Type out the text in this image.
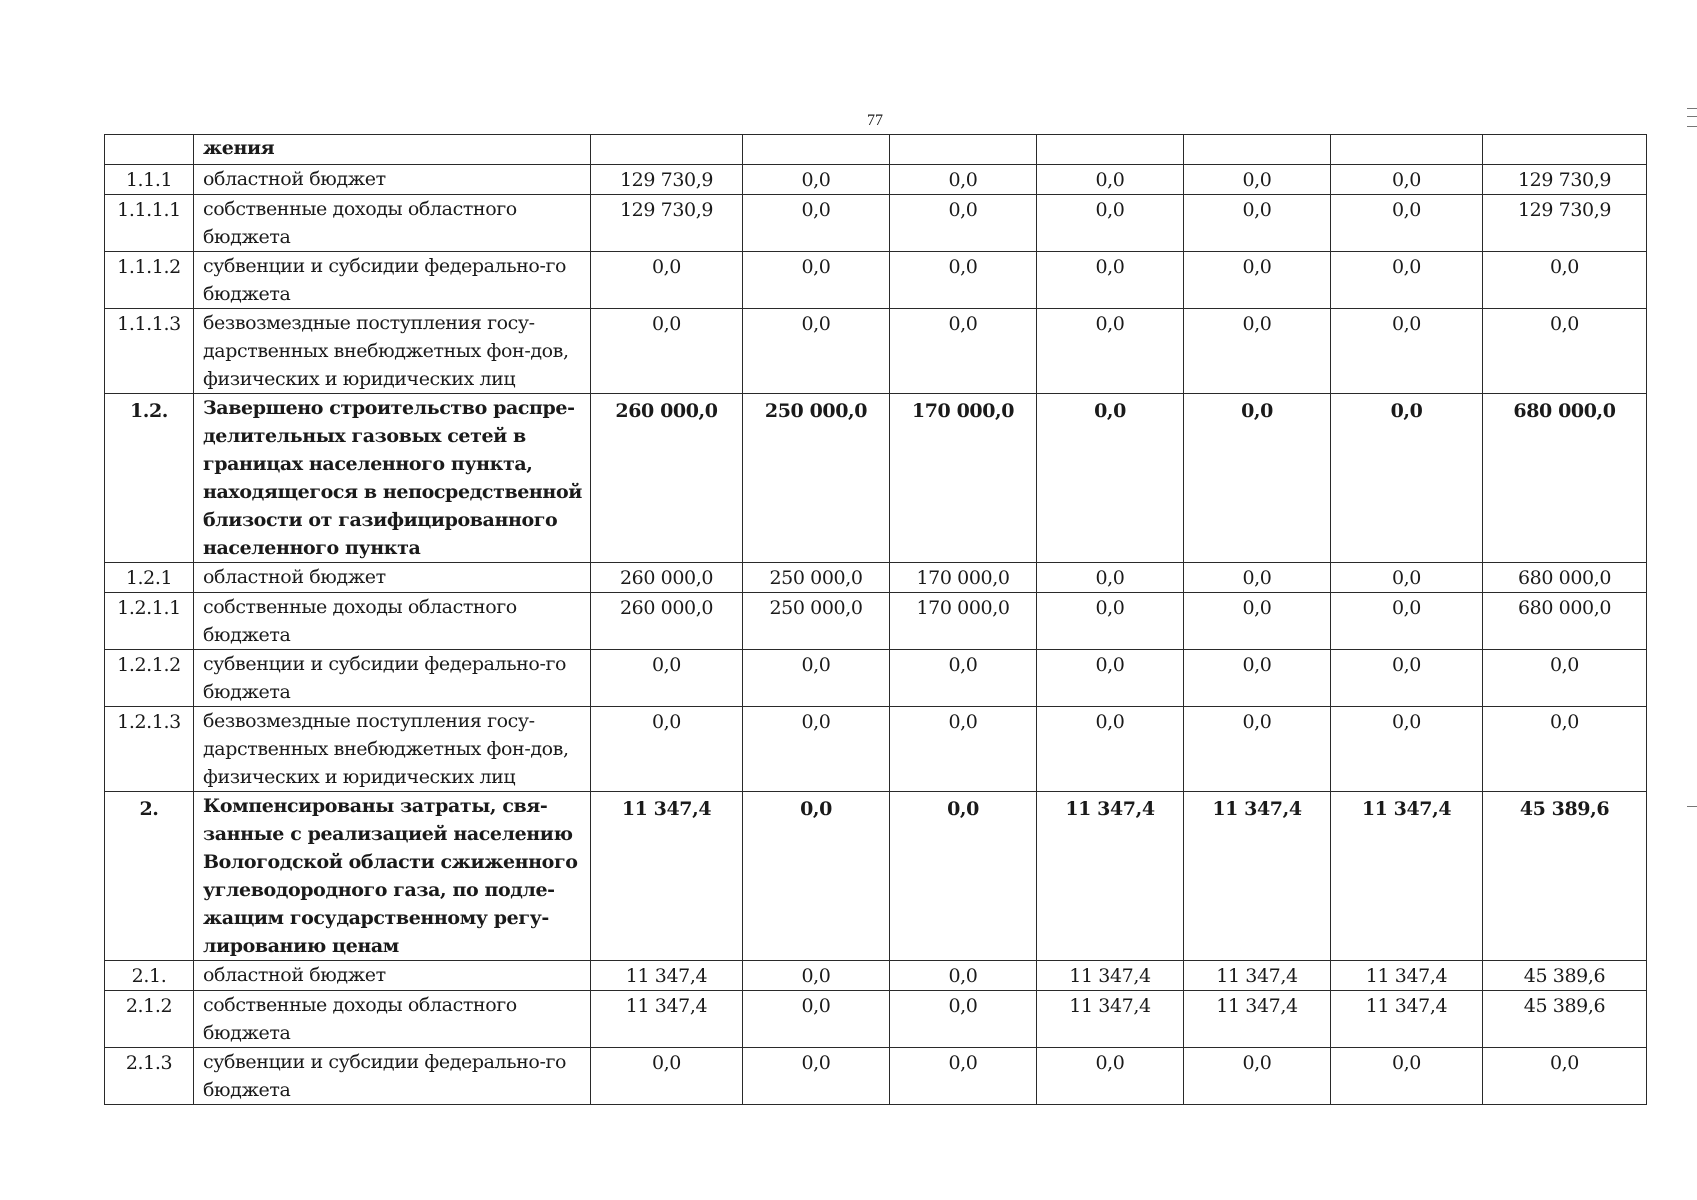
77
	жения							
1.1.1	областной бюджет	129 730,9	0,0	0,0	0,0	0,0	0,0	129 730,9
1.1.1.1	собственные доходы областного бюджета	129 730,9	0,0	0,0	0,0	0,0	0,0	129 730,9
1.1.1.2	субвенции и субсидии федерально-го бюджета	0,0	0,0	0,0	0,0	0,0	0,0	0,0
1.1.1.3	безвозмездные поступления госу-дарственных внебюджетных фон-дов, физических и юридических лиц	0,0	0,0	0,0	0,0	0,0	0,0	0,0
1.2.	Завершено строительство распре-делительных газовых сетей в границах населенного пункта, находящегося в непосредственной близости от газифицированного населенного пункта	260 000,0	250 000,0	170 000,0	0,0	0,0	0,0	680 000,0
1.2.1	областной бюджет	260 000,0	250 000,0	170 000,0	0,0	0,0	0,0	680 000,0
1.2.1.1	собственные доходы областного бюджета	260 000,0	250 000,0	170 000,0	0,0	0,0	0,0	680 000,0
1.2.1.2	субвенции и субсидии федерально-го бюджета	0,0	0,0	0,0	0,0	0,0	0,0	0,0
1.2.1.3	безвозмездные поступления госу-дарственных внебюджетных фон-дов, физических и юридических лиц	0,0	0,0	0,0	0,0	0,0	0,0	0,0
2.	Компенсированы затраты, свя-занные с реализацией населению Вологодской области сжиженного углеводородного газа, по подле-жащим государственному регу-лированию ценам	11 347,4	0,0	0,0	11 347,4	11 347,4	11 347,4	45 389,6
2.1.	областной бюджет	11 347,4	0,0	0,0	11 347,4	11 347,4	11 347,4	45 389,6
2.1.2	собственные доходы областного бюджета	11 347,4	0,0	0,0	11 347,4	11 347,4	11 347,4	45 389,6
2.1.3	субвенции и субсидии федерально-го бюджета	0,0	0,0	0,0	0,0	0,0	0,0	0,0
